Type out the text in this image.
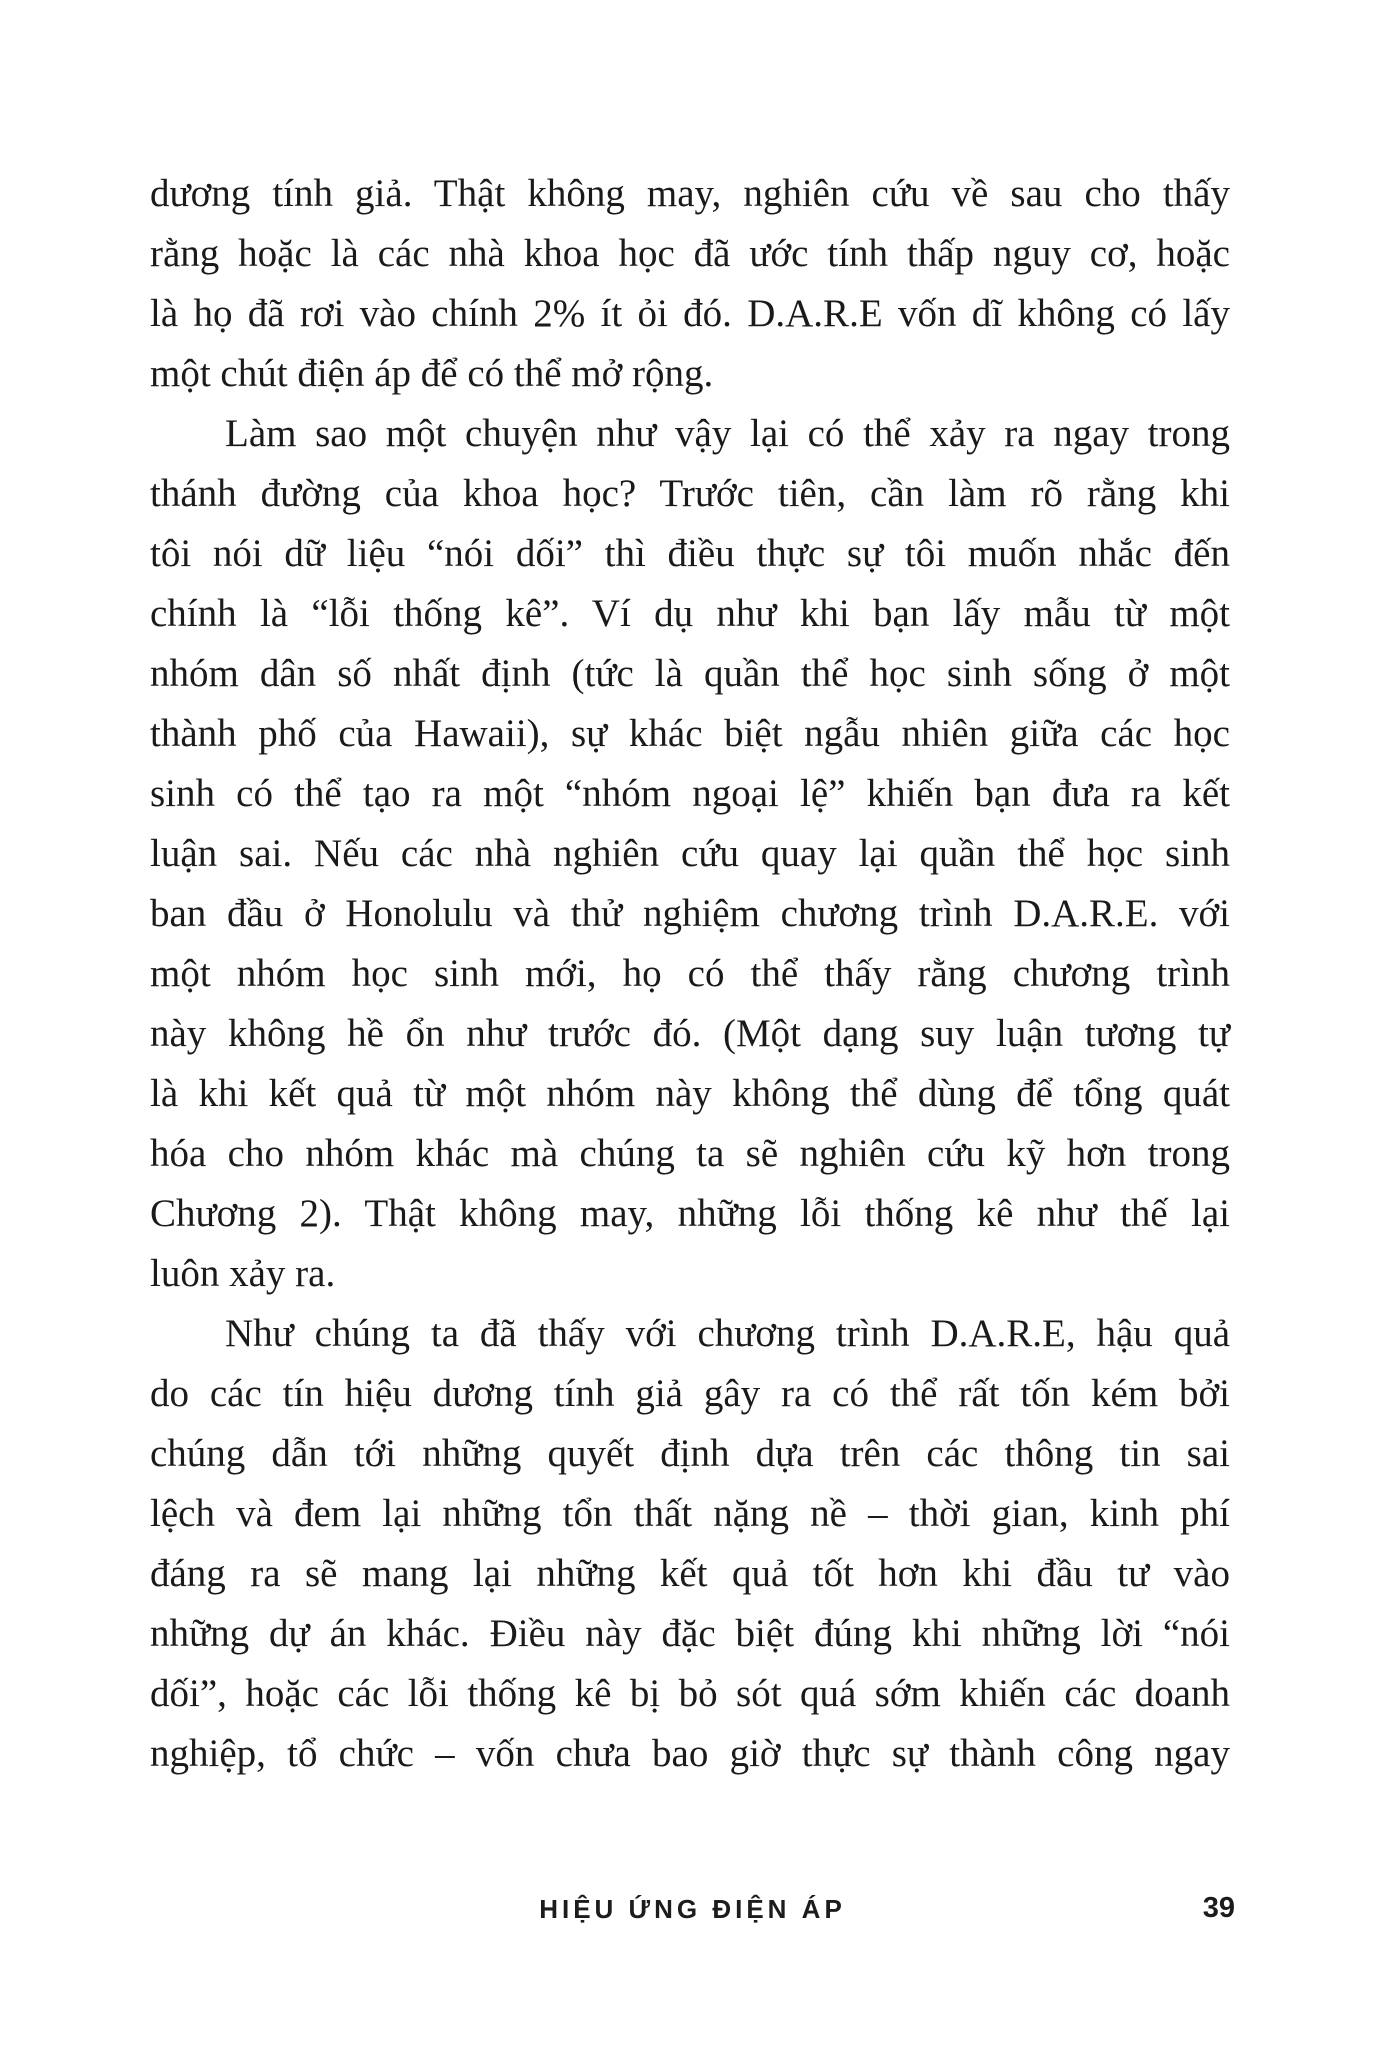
dương tính giả. Thật không may, nghiên cứu về sau cho thấy
rằng hoặc là các nhà khoa học đã ước tính thấp nguy cơ, hoặc
là họ đã rơi vào chính 2% ít ỏi đó. D.A.R.E vốn dĩ không có lấy
một chút điện áp để có thể mở rộng.
Làm sao một chuyện như vậy lại có thể xảy ra ngay trong
thánh đường của khoa học? Trước tiên, cần làm rõ rằng khi
tôi nói dữ liệu “nói dối” thì điều thực sự tôi muốn nhắc đến
chính là “lỗi thống kê”. Ví dụ như khi bạn lấy mẫu từ một
nhóm dân số nhất định (tức là quần thể học sinh sống ở một
thành phố của Hawaii), sự khác biệt ngẫu nhiên giữa các học
sinh có thể tạo ra một “nhóm ngoại lệ” khiến bạn đưa ra kết
luận sai. Nếu các nhà nghiên cứu quay lại quần thể học sinh
ban đầu ở Honolulu và thử nghiệm chương trình D.A.R.E. với
một nhóm học sinh mới, họ có thể thấy rằng chương trình
này không hề ổn như trước đó. (Một dạng suy luận tương tự
là khi kết quả từ một nhóm này không thể dùng để tổng quát
hóa cho nhóm khác mà chúng ta sẽ nghiên cứu kỹ hơn trong
Chương 2). Thật không may, những lỗi thống kê như thế lại
luôn xảy ra.
Như chúng ta đã thấy với chương trình D.A.R.E, hậu quả
do các tín hiệu dương tính giả gây ra có thể rất tốn kém bởi
chúng dẫn tới những quyết định dựa trên các thông tin sai
lệch và đem lại những tổn thất nặng nề – thời gian, kinh phí
đáng ra sẽ mang lại những kết quả tốt hơn khi đầu tư vào
những dự án khác. Điều này đặc biệt đúng khi những lời “nói
dối”, hoặc các lỗi thống kê bị bỏ sót quá sớm khiến các doanh
nghiệp, tổ chức – vốn chưa bao giờ thực sự thành công ngay
HIỆU ỨNG ĐIỆN ÁP	39
